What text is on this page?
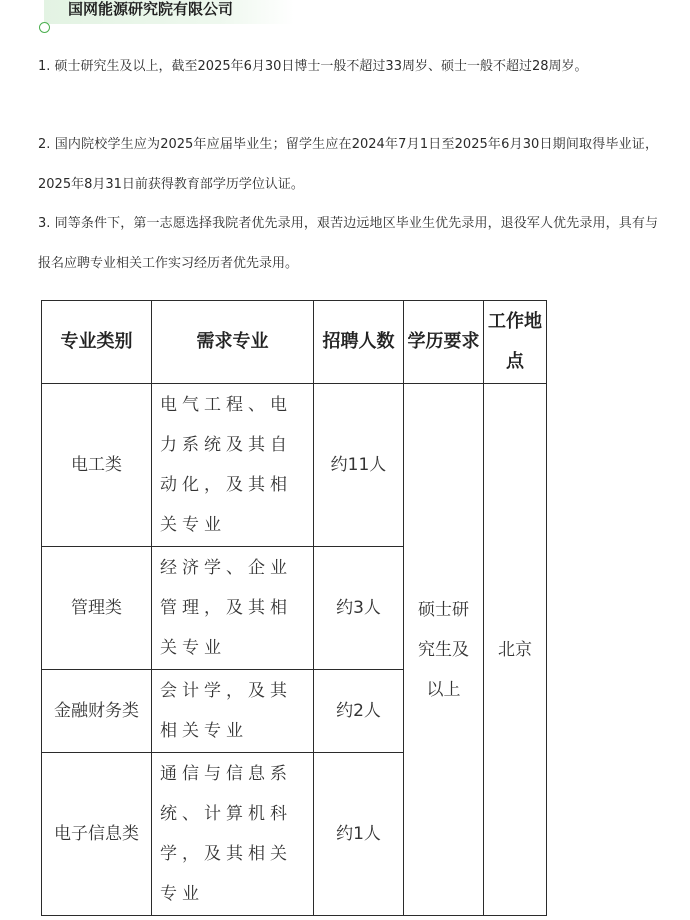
国网能源研究院有限公司
1. 硕士研究生及以上，截至2025年6月30日博士一般不超过33周岁、硕士一般不超过28周岁。
2. 国内院校学生应为2025年应届毕业生；留学生应在2024年7月1日至2025年6月30日期间取得毕业证，2025年8月31日前获得教育部学历学位认证。
3. 同等条件下，第一志愿选择我院者优先录用，艰苦边远地区毕业生优先录用，退役军人优先录用，具有与报名应聘专业相关工作实习经历者优先录用。
专业类别	需求专业	招聘人数	学历要求	工作地点
电工类	电气工程、电力系统及其自动化，及其相关专业	约11人	硕士研究生及以上	北京
管理类	经济学、企业管理，及其相关专业	约3人		
金融财务类	会计学，及其相关专业	约2人		
电子信息类	通信与信息系统、计算机科学，及其相关专业	约1人		
